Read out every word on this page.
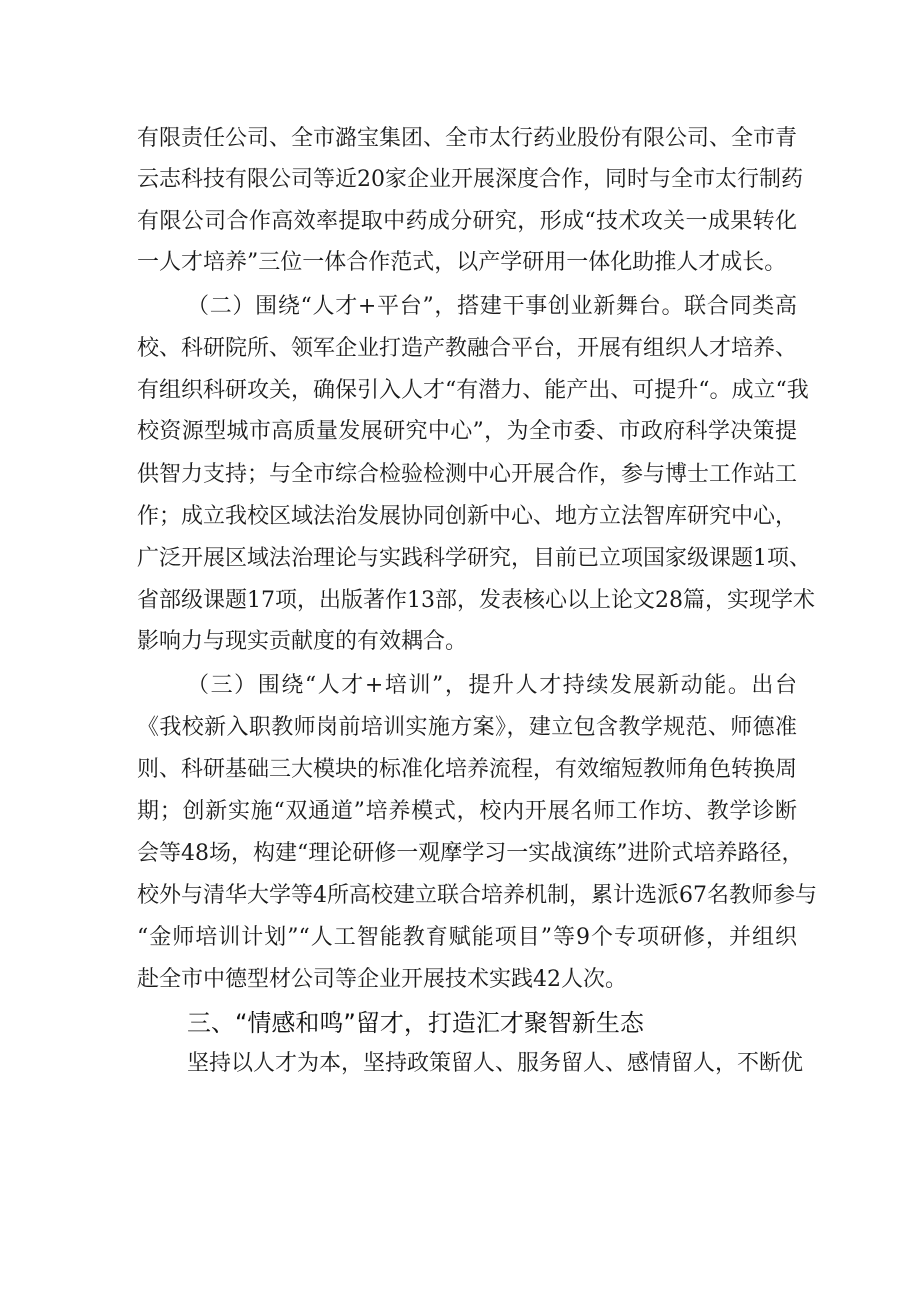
有限责任公司、全市潞宝集团、全市太行药业股份有限公司、全市青
云志科技有限公司等近20家企业开展深度合作，同时与全市太行制药
有限公司合作高效率提取中药成分研究，形成“技术攻关一成果转化
一人才培养”三位一体合作范式，以产学研用一体化助推人才成长。
（二）围绕“人才+平台”，搭建干事创业新舞台。联合同类高
校、科研院所、领军企业打造产教融合平台，开展有组织人才培养、
有组织科研攻关，确保引入人才“有潜力、能产出、可提升“。成立“我
校资源型城市高质量发展研究中心”，为全市委、市政府科学决策提
供智力支持；与全市综合检验检测中心开展合作，参与博士工作站工
作；成立我校区域法治发展协同创新中心、地方立法智库研究中心，
广泛开展区域法治理论与实践科学研究，目前已立项国家级课题1项、
省部级课题17项，出版著作13部，发表核心以上论文28篇，实现学术
影响力与现实贡献度的有效耦合。
（三）围绕“人才+培训”，提升人才持续发展新动能。出台
《我校新入职教师岗前培训实施方案》，建立包含教学规范、师德准
则、科研基础三大模块的标准化培养流程，有效缩短教师角色转换周
期；创新实施“双通道”培养模式，校内开展名师工作坊、教学诊断
会等48场，构建“理论研修一观摩学习一实战演练”进阶式培养路径，
校外与清华大学等4所高校建立联合培养机制，累计选派67名教师参与
“金师培训计划”“人工智能教育赋能项目”等9个专项研修，并组织
赴全市中德型材公司等企业开展技术实践42人次。
三、“情感和鸣”留才，打造汇才聚智新生态
坚持以人才为本，坚持政策留人、服务留人、感情留人，不断优
